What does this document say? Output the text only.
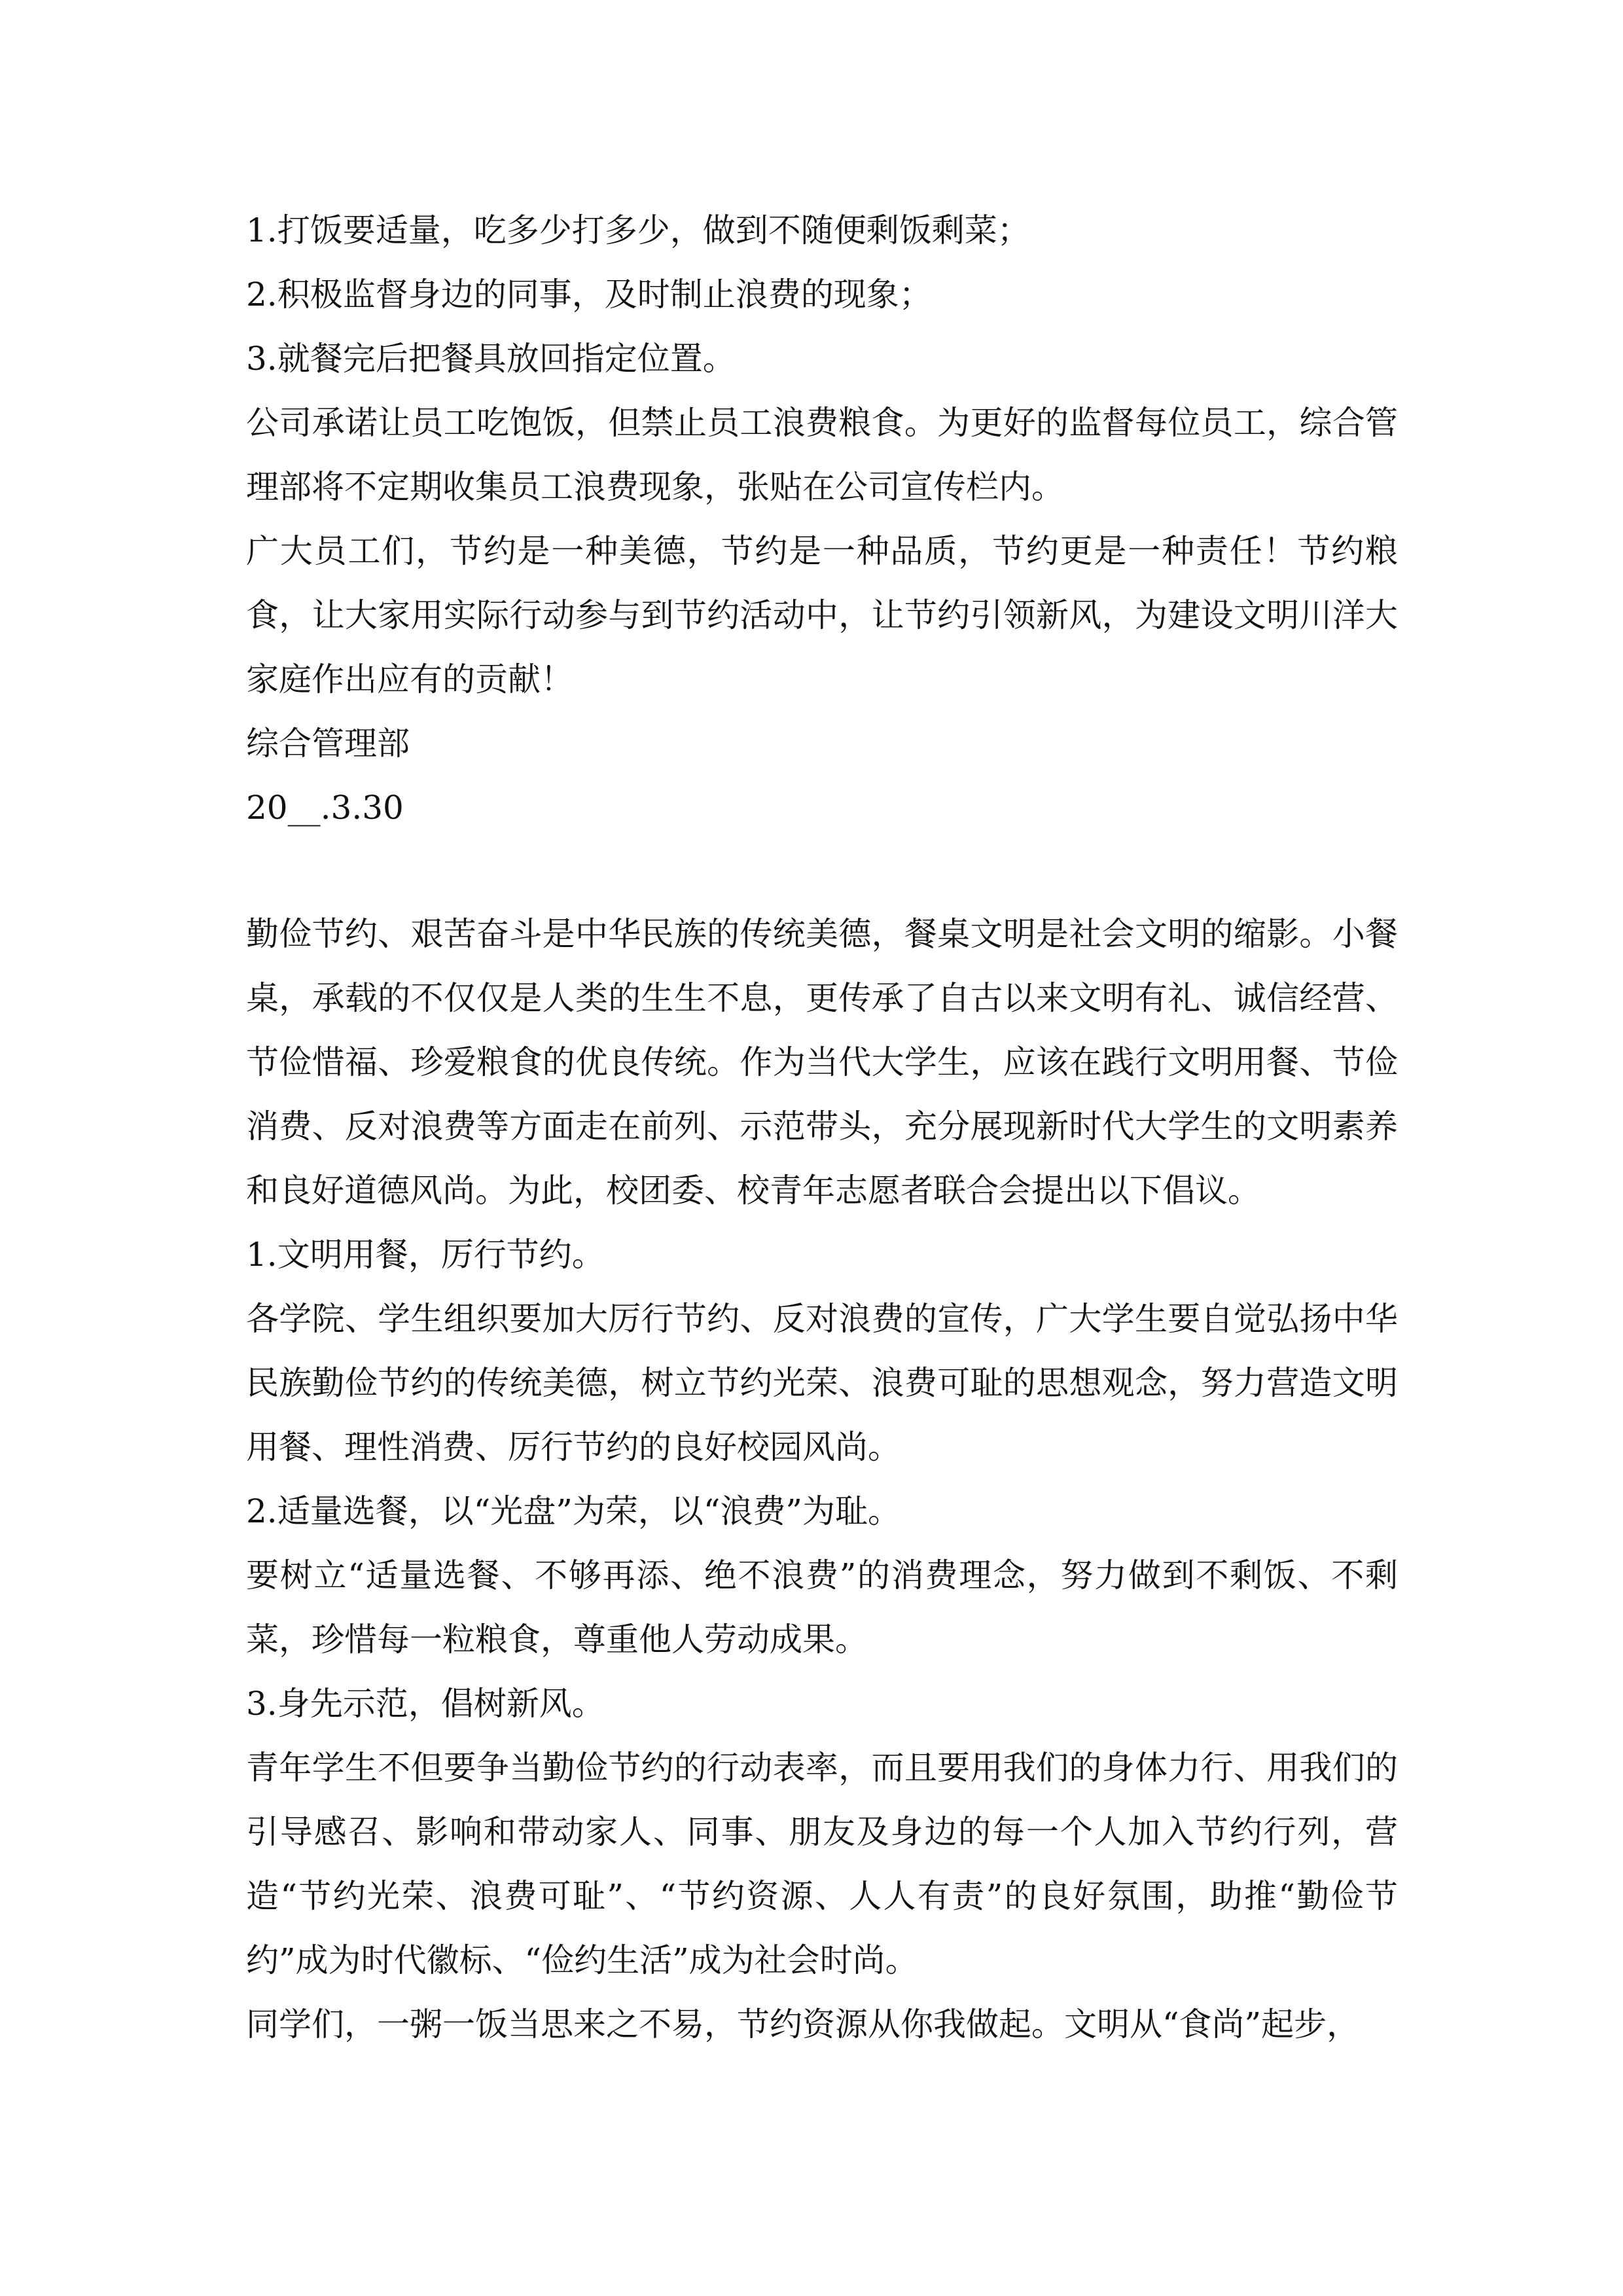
1.打饭要适量，吃多少打多少，做到不随便剩饭剩菜；

2.积极监督身边的同事，及时制止浪费的现象；

3.就餐完后把餐具放回指定位置。

公司承诺让员工吃饱饭，但禁止员工浪费粮食。为更好的监督每位员工，综合管理部将不定期收集员工浪费现象，张贴在公司宣传栏内。

广大员工们，节约是一种美德，节约是一种品质，节约更是一种责任！节约粮食，让大家用实际行动参与到节约活动中，让节约引领新风，为建设文明川洋大家庭作出应有的贡献！

综合管理部

20__.3.30

勤俭节约、艰苦奋斗是中华民族的传统美德，餐桌文明是社会文明的缩影。小餐桌，承载的不仅仅是人类的生生不息，更传承了自古以来文明有礼、诚信经营、节俭惜福、珍爱粮食的优良传统。作为当代大学生，应该在践行文明用餐、节俭消费、反对浪费等方面走在前列、示范带头，充分展现新时代大学生的文明素养和良好道德风尚。为此，校团委、校青年志愿者联合会提出以下倡议。

1.文明用餐，厉行节约。

各学院、学生组织要加大厉行节约、反对浪费的宣传，广大学生要自觉弘扬中华民族勤俭节约的传统美德，树立节约光荣、浪费可耻的思想观念，努力营造文明用餐、理性消费、厉行节约的良好校园风尚。

2.适量选餐，以“光盘”为荣，以“浪费”为耻。

要树立“适量选餐、不够再添、绝不浪费”的消费理念，努力做到不剩饭、不剩菜，珍惜每一粒粮食，尊重他人劳动成果。

3.身先示范，倡树新风。

青年学生不但要争当勤俭节约的行动表率，而且要用我们的身体力行、用我们的引导感召、影响和带动家人、同事、朋友及身边的每一个人加入节约行列，营造“节约光荣、浪费可耻”、“节约资源、人人有责”的良好氛围，助推“勤俭节约”成为时代徽标、“俭约生活”成为社会时尚。

同学们，一粥一饭当思来之不易，节约资源从你我做起。文明从“食尚”起步，
